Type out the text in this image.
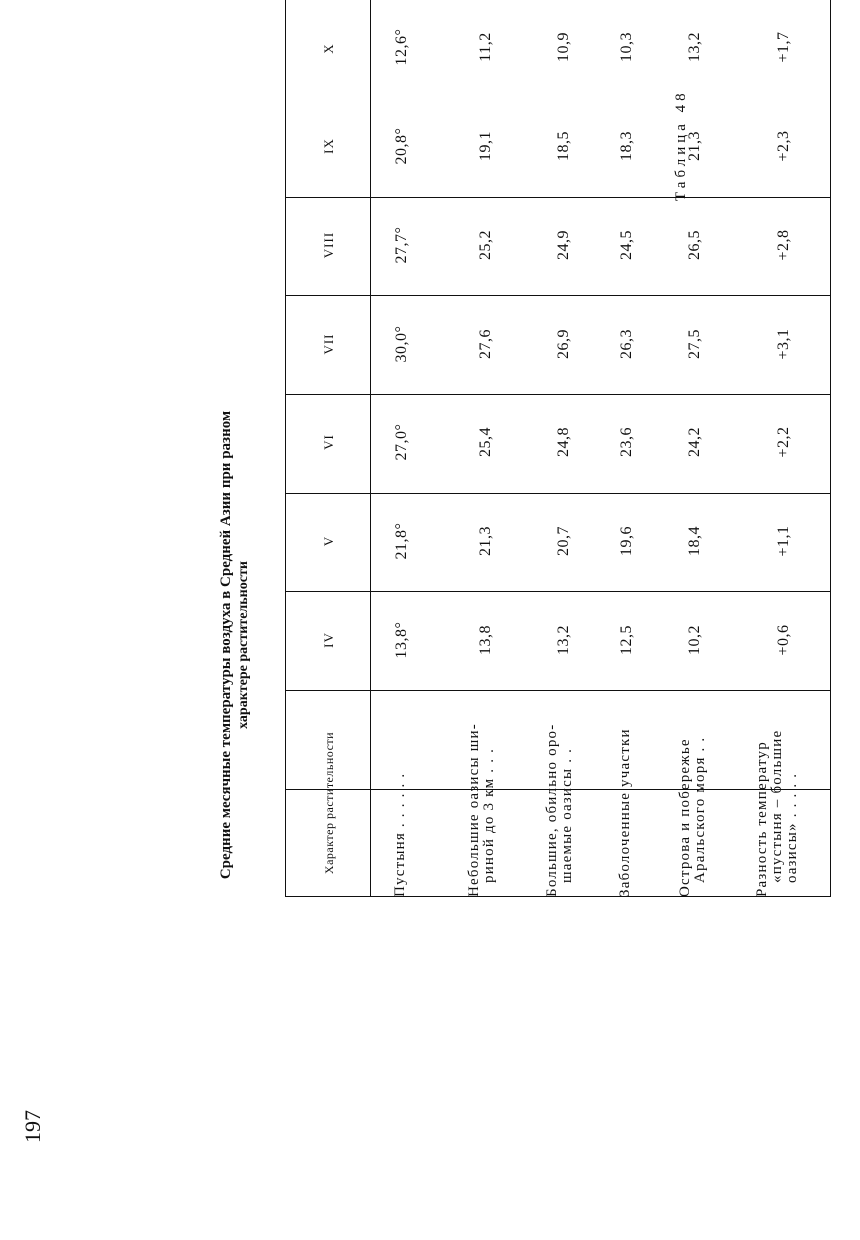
197
Таблица 48
Средние месячные температуры воздуха в Средней Азии при разном характере растительности
Характер растительности
IV
V
VI
VII
VIII
IX
X
Пустыня . . . . . .
13,8°
21,8°
27,0°
30,0°
27,7°
20,8°
12,6°
Небольшие оазисы ши- риной до 3 км . . .
13,8
21,3
25,4
27,6
25,2
19,1
11,2
Большие, обильно оро- шаемые оазисы . .
13,2
20,7
24,8
26,9
24,9
18,5
10,9
Заболоченные участки
12,5
19,6
23,6
26,3
24,5
18,3
10,3
Острова и побережье Аральского моря . .
10,2
18,4
24,2
27,5
26,5
21,3
13,2
Разность температур «пустыня – большие оазисы» . . . . .
+0,6
+1,1
+2,2
+3,1
+2,8
+2,3
+1,7
